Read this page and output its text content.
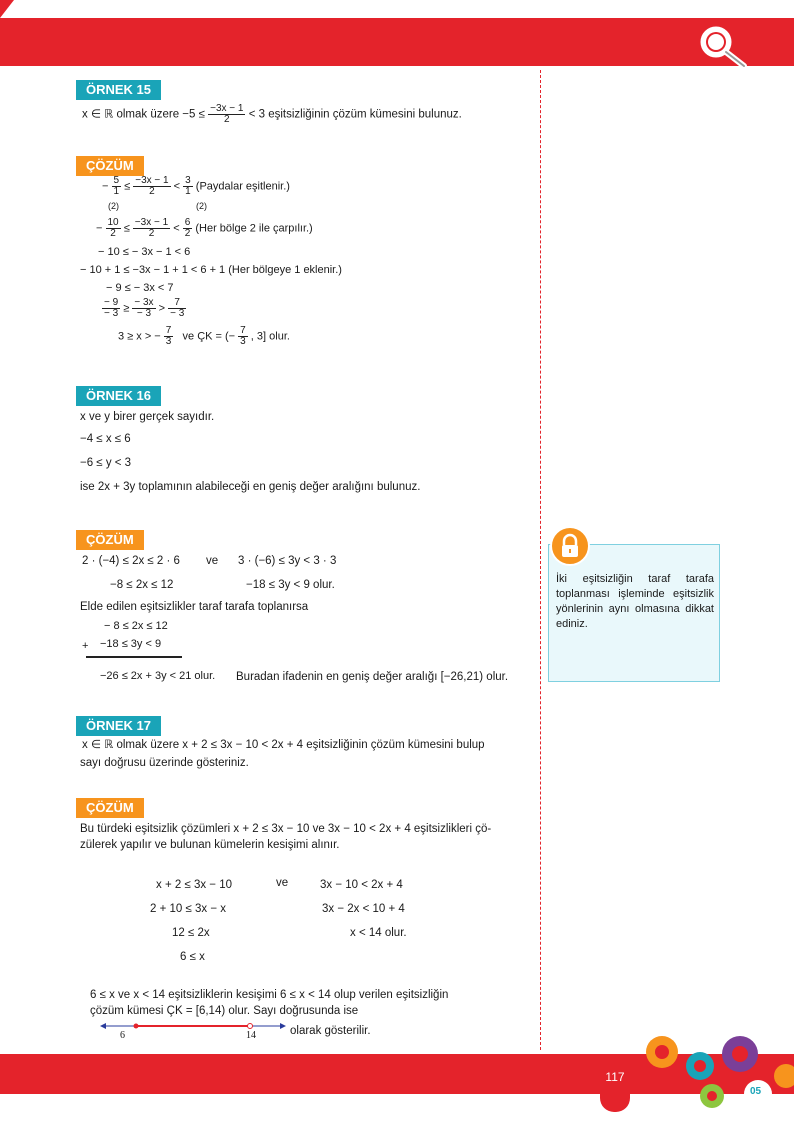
ÖRNEK 15
x ∈ ℝ olmak üzere $-5 \le \frac{-3x - 1}{2} < 3$ eşitsizliğinin çözüm kümesini bulunuz.
ÇÖZÜM
− $\frac{5}{1} \le \frac{-3x - 1}{2} < \frac{3}{1}$ (Paydalar eşitlenir.)
(2)	(2)
− $\frac{10}{2} \le \frac{-3x - 1}{2} < \frac{6}{2} (Her$ bölge 2 ile çarpılır.)
− 10 ≤ − 3x − 1 < 6
− 10 + 1 ≤ −3x − 1 + 1 < 6 + 1 (Her bölgeye 1 eklenir.)
− 9 ≤ − 3x < 7
$\frac{- 9}{- 3} \ge \frac{- 3x}{- 3} > \frac{7}{- 3}$
3 ≥ x > − $\frac{7}{3}$ ve ÇK = (− $\frac{7}{3}$ , 3] olur.
ÖRNEK 16
x ve y birer gerçek sayıdır.
−4 ≤ x ≤ 6
−6 ≤ y < 3
ise 2x + 3y toplamının alabileceği en geniş değer aralığını bulunuz.
ÇÖZÜM
2 · (−4) ≤ 2x ≤ 2 · 6 ve 3 · (−6) ≤ 3y < 3 · 3
−8 ≤ 2x ≤ 12	−18 ≤ 3y < 9 olur.
Elde edilen eşitsizlikler taraf tarafa toplanırsa
− 8 ≤ 2x ≤ 12
+ −18 ≤ 3y < 9
−26 ≤ 2x + 3y < 21 olur. Buradan ifadenin en geniş değer aralığı [−26,21) olur.
ÖRNEK 17
x ∈ ℝ olmak üzere x + 2 ≤ 3x − 10 < 2x + 4 eşitsizliğinin çözüm kümesini bulup
sayı doğrusu üzerinde gösteriniz.
ÇÖZÜM
Bu türdeki eşitsizlik çözümleri x + 2 ≤ 3x − 10 ve 3x − 10 < 2x + 4 eşitsizlikleri çö-
zülerek yapılır ve bulunan kümelerin kesişimi alınır.
x + 2 ≤ 3x − 10	ve	3x − 10 < 2x + 4
2 + 10 ≤ 3x − x	3x − 2x < 10 + 4
12 ≤ 2x	x < 14 olur.
6 ≤ x
6 ≤ x ve x < 14 eşitsizliklerin kesişimi 6 ≤ x < 14 olup verilen eşitsizliğin
çözüm kümesi ÇK = [6,14) olur. Sayı doğrusunda ise
6	14	olarak gösterilir.
İki eşitsizliğin taraf tarafa toplanması işleminde eşitsizlik yönlerinin aynı olmasına dikkat ediniz.
117
05
